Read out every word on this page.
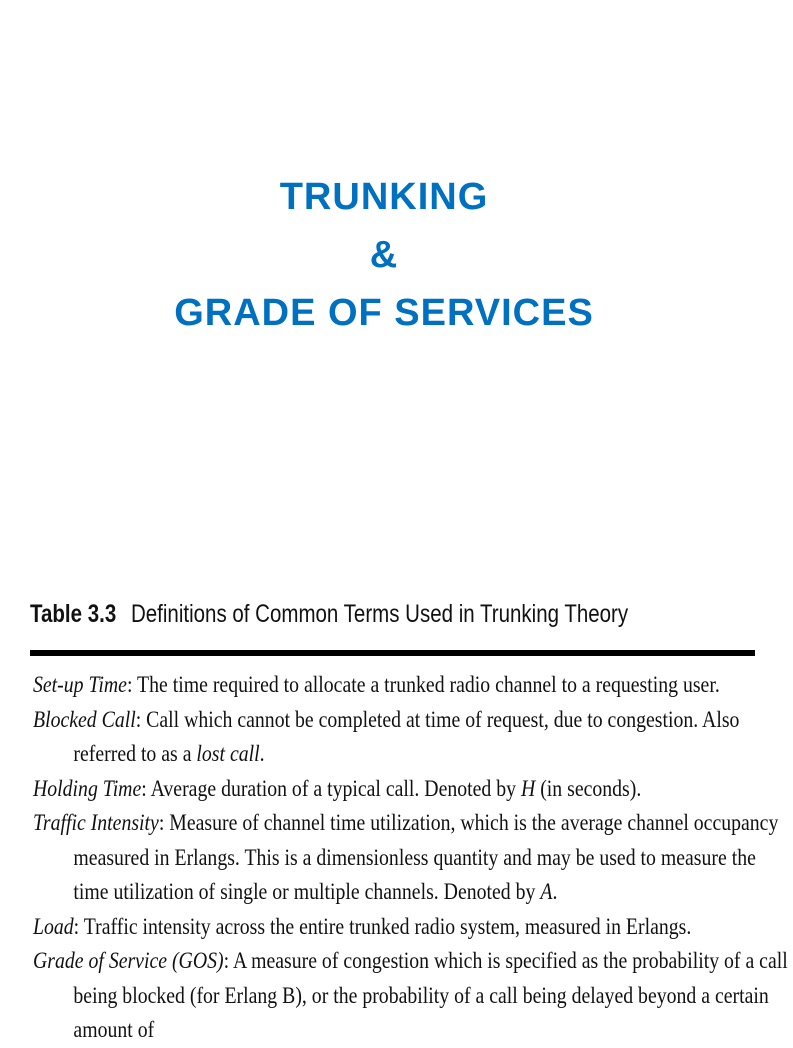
TRUNKING
&
GRADE OF SERVICES
Table 3.3 Definitions of Common Terms Used in Trunking Theory

Set-up Time: The time required to allocate a trunked radio channel to a requesting user.

Blocked Call: Call which cannot be completed at time of request, due to congestion. Also referred to as a lost call.

Holding Time: Average duration of a typical call. Denoted by H (in seconds).

Traffic Intensity: Measure of channel time utilization, which is the average channel occupancy measured in Erlangs. This is a dimensionless quantity and may be used to measure the time utilization of single or multiple channels. Denoted by A.

Load: Traffic intensity across the entire trunked radio system, measured in Erlangs.

Grade of Service (GOS): A measure of congestion which is specified as the probability of a call being blocked (for Erlang B), or the probability of a call being delayed beyond a certain amount of
